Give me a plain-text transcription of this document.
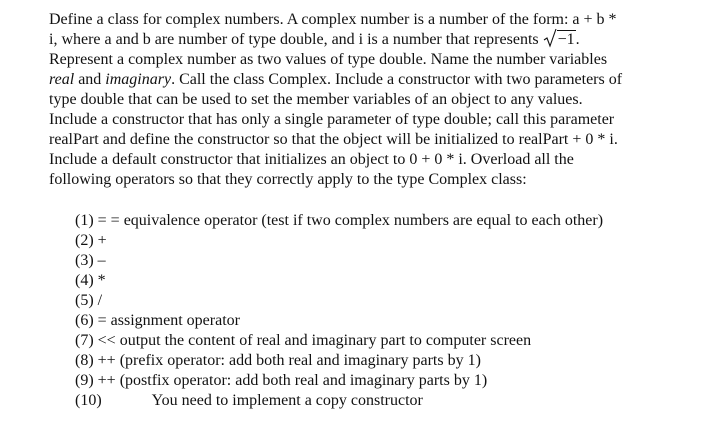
Define a class for complex numbers. A complex number is a number of the form: a + b *
i, where a and b are number of type double, and i is a number that represents −1.
Represent a complex number as two values of type double. Name the number variables
real and imaginary. Call the class Complex. Include a constructor with two parameters of
type double that can be used to set the member variables of an object to any values.
Include a constructor that has only a single parameter of type double; call this parameter
realPart and define the constructor so that the object will be initialized to realPart + 0 * i.
Include a default constructor that initializes an object to 0 + 0 * i. Overload all the
following operators so that they correctly apply to the type Complex class:
(1) = = equivalence operator (test if two complex numbers are equal to each other)
(2) +
(3) –
(4) *
(5) /
(6) = assignment operator
(7) << output the content of real and imaginary part to computer screen
(8) ++ (prefix operator: add both real and imaginary parts by 1)
(9) ++ (postfix operator: add both real and imaginary parts by 1)
(10)	You need to implement a copy constructor
